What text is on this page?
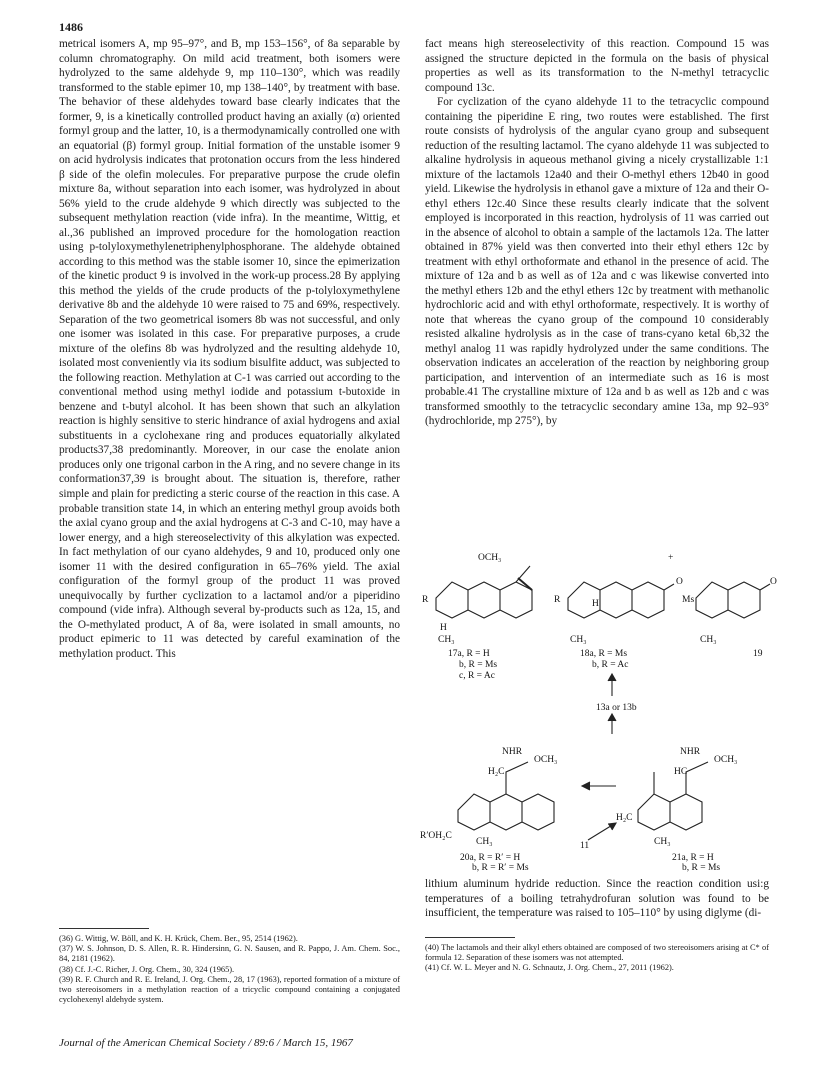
1486

metrical isomers A, mp 95–97°, and B, mp 153–156°, of 8a separable by column chromatography. On mild acid treatment, both isomers were hydrolyzed to the same aldehyde 9, mp 110–130°, which was readily transformed to the stable epimer 10, mp 138–140°, by treatment with base. The behavior of these aldehydes toward base clearly indicates that the former, 9, is a kinetically controlled product having an axially (α) oriented formyl group and the latter, 10, is a thermodynamically controlled one with an equatorial (β) formyl group. Initial formation of the unstable isomer 9 on acid hydrolysis indicates that protonation occurs from the less hindered β side of the olefin molecules. For preparative purpose the crude olefin mixture 8a, without separation into each isomer, was hydrolyzed in about 56% yield to the crude aldehyde 9 which directly was subjected to the subsequent methylation reaction (vide infra). In the meantime, Wittig, et al.,36 published an improved procedure for the homologation reaction using p-tolyloxymethylenetriphenylphosphorane. The aldehyde obtained according to this method was the stable isomer 10, since the epimerization of the kinetic product 9 is involved in the work-up process.28 By applying this method the yields of the crude products of the p-tolyloxymethylene derivative 8b and the aldehyde 10 were raised to 75 and 69%, respectively. Separation of the two geometrical isomers 8b was not successful, and only one isomer was isolated in this case. For preparative purposes, a crude mixture of the olefins 8b was hydrolyzed and the resulting aldehyde 10, isolated most conveniently via its sodium bisulfite adduct, was subjected to the following reaction. Methylation at C-1 was carried out according to the conventional method using methyl iodide and potassium t-butoxide in benzene and t-butyl alcohol. It has been shown that such an alkylation reaction is highly sensitive to steric hindrance of axial hydrogens and axial substituents in a cyclohexane ring and produces equatorially alkylated products37,38 predominantly. Moreover, in our case the enolate anion produces only one trigonal carbon in the A ring, and no severe change in its conformation37,39 is brought about. The situation is, therefore, rather simple and plain for predicting a steric course of the reaction in this case. A probable transition state 14, in which an entering methyl group avoids both the axial cyano group and the axial hydrogens at C-3 and C-10, may have a lower energy, and a high stereoselectivity of this alkylation was expected. In fact methylation of our cyano aldehydes, 9 and 10, produced only one isomer 11 with the desired configuration in 65–76% yield. The axial configuration of the formyl group of the product 11 was proved unequivocally by further cyclization to a lactamol and/or a piperidino compound (vide infra). Although several by-products such as 12a, 15, and the O-methylated product, A of 8a, were isolated in small amounts, no product epimeric to 11 was detected by careful examination of the methylation product. This

fact means high stereoselectivity of this reaction. Compound 15 was assigned the structure depicted in the formula on the basis of physical properties as well as its transformation to the N-methyl tetracyclic compound 13c.

For cyclization of the cyano aldehyde 11 to the tetracyclic compound containing the piperidine E ring, two routes were established. The first route consists of hydrolysis of the angular cyano group and subsequent reduction of the resulting lactamol. The cyano aldehyde 11 was subjected to alkaline hydrolysis in aqueous methanol giving a nicely crystallizable 1:1 mixture of the lactamols 12a40 and their O-methyl ethers 12b40 in good yield. Likewise the hydrolysis in ethanol gave a mixture of 12a and their O-ethyl ethers 12c.40 Since these results clearly indicate that the solvent employed is incorporated in this reaction, hydrolysis of 11 was carried out in the absence of alcohol to obtain a sample of the lactamols 12a. The latter obtained in 87% yield was then converted into their ethyl ethers 12c by treatment with ethyl orthoformate and ethanol in the presence of acid. The mixture of 12a and b as well as of 12a and c was likewise converted into the methyl ethers 12b and the ethyl ethers 12c by treatment with methanolic hydrochloric acid and with ethyl orthoformate, respectively. It is worthy of note that whereas the cyano group of the compound 10 considerably resisted alkaline hydrolysis as in the case of trans-cyano ketal 6b,32 the methyl analog 11 was rapidly hydrolyzed under the same conditions. The observation indicates an acceleration of the reaction by neighboring group participation, and intervention of an intermediate such as 16 is most probable.41 The crystalline mixture of 12a and b as well as 12b and c was transformed smoothly to the tetracyclic secondary amine 13a, mp 92–93° (hydrochloride, mp 275°), by

OCH₃
R
H
CH₃
R	H
CH₃
O
Ms
CH₃
O
+
NHR
H₂C
OCH₃
R′OH₂C
CH₃
NHR
HC
OCH₃
H₂C
CH₃
17a, R = H
b, R = Ms
c, R = Ac
18a, R = Ms
b, R = Ac
19
13a or 13b
20a, R = R′ = H
b, R = R′ = Ms
11
21a, R = H
b, R = Ms

lithium aluminum hydride reduction. Since the reaction condition usi:g temperatures of a boiling tetrahydrofuran solution was found to be insufficient, the temperature was raised to 105–110° by using diglyme (di-

(36) G. Wittig, W. Böll, and K. H. Krück, Chem. Ber., 95, 2514 (1962).

(37) W. S. Johnson, D. S. Allen, R. R. Hindersinn, G. N. Sausen, and R. Pappo, J. Am. Chem. Soc., 84, 2181 (1962).

(38) Cf. J.-C. Richer, J. Org. Chem., 30, 324 (1965).

(39) R. F. Church and R. E. Ireland, J. Org. Chem., 28, 17 (1963), reported formation of a mixture of two stereoisomers in a methylation reaction of a tricyclic compound containing a conjugated cyclohexenyl aldehyde system.

(40) The lactamols and their alkyl ethers obtained are composed of two stereoisomers arising at C* of formula 12. Separation of these isomers was not attempted.

(41) Cf. W. L. Meyer and N. G. Schnautz, J. Org. Chem., 27, 2011 (1962).

Journal of the American Chemical Society / 89:6 / March 15, 1967
